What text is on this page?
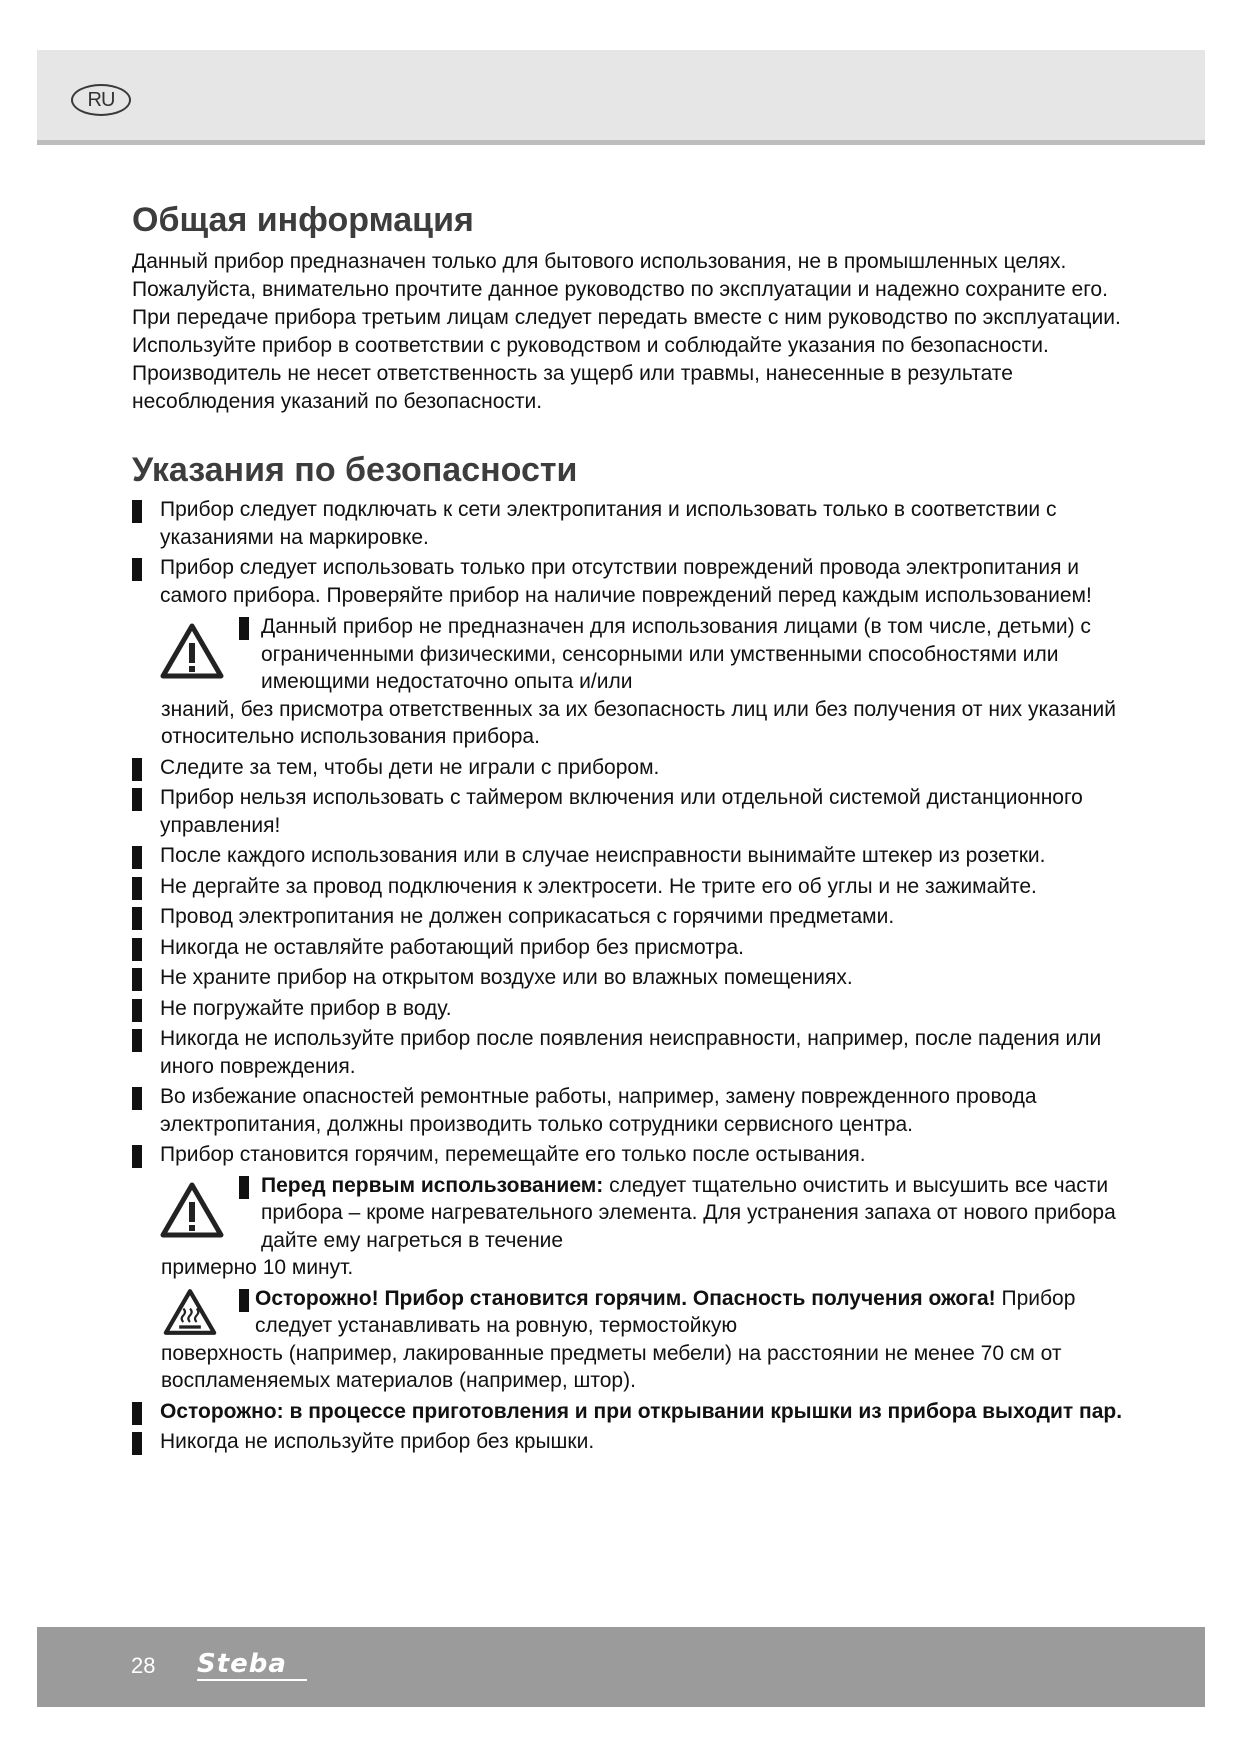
RU
Общая информация

Данный прибор предназначен только для бытового использования, не в промышленных целях. Пожалуйста, внимательно прочтите данное руководство по эксплуатации и надежно сохраните его. При передаче прибора третьим лицам следует передать вместе с ним руководство по эксплуатации. Используйте прибор в соответствии с руководством и соблюдайте указания по безопасности. Производитель не несет ответственность за ущерб или травмы, нанесенные в результате несоблюдения указаний по безопасности.

Указания по безопасности
Прибор следует подключать к сети электропитания и использовать только в соответствии с указаниями на маркировке.
Прибор следует использовать только при отсутствии повреждений провода электропитания и самого прибора. Проверяйте прибор на наличие повреждений перед каждым использованием!
Данный прибор не предназначен для использования лицами (в том числе, детьми) с ограниченными физическими, сенсорными или умственными способностями или имеющими недостаточно опыта и/или
знаний, без присмотра ответственных за их безопасность лиц или без получения от них указаний относительно использования прибора.
Следите за тем, чтобы дети не играли с прибором.
Прибор нельзя использовать с таймером включения или отдельной системой дистанционного управления!
После каждого использования или в случае неисправности вынимайте штекер из розетки.
Не дергайте за провод подключения к электросети. Не трите его об углы и не зажимайте.
Провод электропитания не должен соприкасаться с горячими предметами.
Никогда не оставляйте работающий прибор без присмотра.
Не храните прибор на открытом воздухе или во влажных помещениях.
Не погружайте прибор в воду.
Никогда не используйте прибор после появления неисправности, например, после падения или иного повреждения.
Во избежание опасностей ремонтные работы, например, замену поврежденного провода электропитания, должны производить только сотрудники сервисного центра.
Прибор становится горячим, перемещайте его только после остывания.
Перед первым использованием: следует тщательно очистить и высушить все части прибора – кроме нагревательного элемента. Для устранения запаха от нового прибора дайте ему нагреться в течение
примерно 10 минут.
Осторожно! Прибор становится горячим. Опасность получения ожога! Прибор следует устанавливать на ровную, термостойкую
поверхность (например, лакированные предметы мебели) на расстоянии не менее 70 см от воспламеняемых материалов (например, штор).
Осторожно: в процессе приготовления и при открывании крышки из прибора выходит пар.
Никогда не используйте прибор без крышки.
28 Steba
